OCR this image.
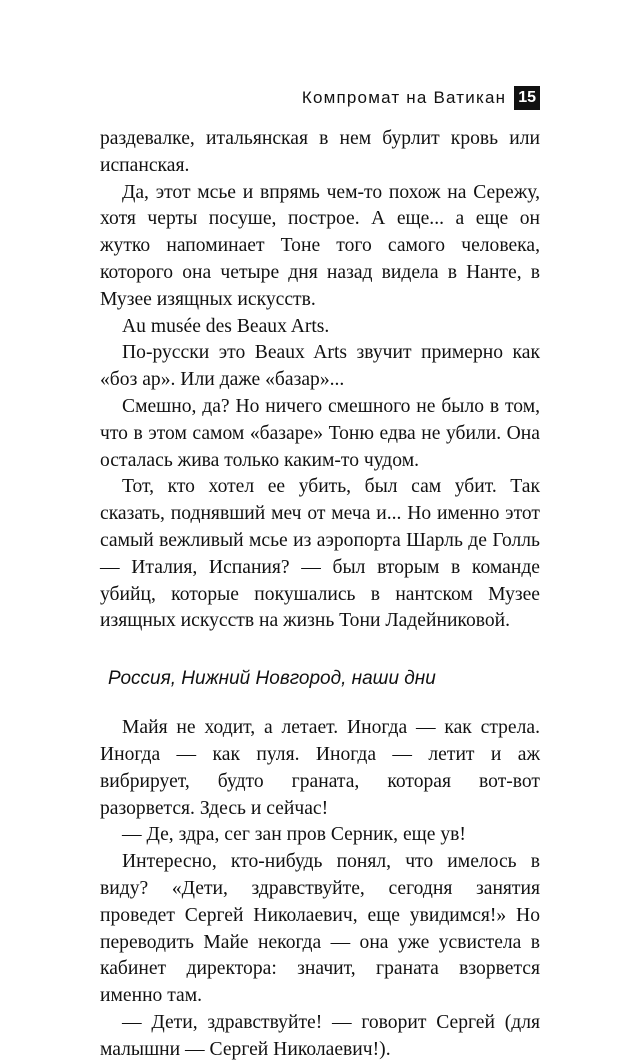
Компромат на Ватикан 15

раздевалке, итальянская в нем бурлит кровь или испанская.

Да, этот мсье и впрямь чем-то похож на Сережу, хотя черты посуше, построе. А еще... а еще он жутко напоминает Тоне того самого человека, которого она четыре дня назад видела в Нанте, в Музее изящных искусств.

Au musée des Beaux Arts.

По-русски это Beaux Arts звучит примерно как «боз ар». Или даже «базар»...

Смешно, да? Но ничего смешного не было в том, что в этом самом «базаре» Тоню едва не убили. Она осталась жива только каким-то чудом.

Тот, кто хотел ее убить, был сам убит. Так сказать, поднявший меч от меча и... Но именно этот самый вежливый мсье из аэропорта Шарль де Голль — Италия, Испания? — был вторым в команде убийц, которые покушались в нантском Музее изящных искусств на жизнь Тони Ладейниковой.

Россия, Нижний Новгород, наши дни

Майя не ходит, а летает. Иногда — как стрела. Иногда — как пуля. Иногда — летит и аж вибрирует, будто граната, которая вот-вот разорвется. Здесь и сейчас!

— Де, здра, сег зан пров Серник, еще ув!

Интересно, кто-нибудь понял, что имелось в виду? «Дети, здравствуйте, сегодня занятия проведет Сергей Николаевич, еще увидимся!» Но переводить Майе некогда — она уже усвистела в кабинет директора: значит, граната взорвется именно там.

— Дети, здравствуйте! — говорит Сергей (для малышни — Сергей Николаевич!).
